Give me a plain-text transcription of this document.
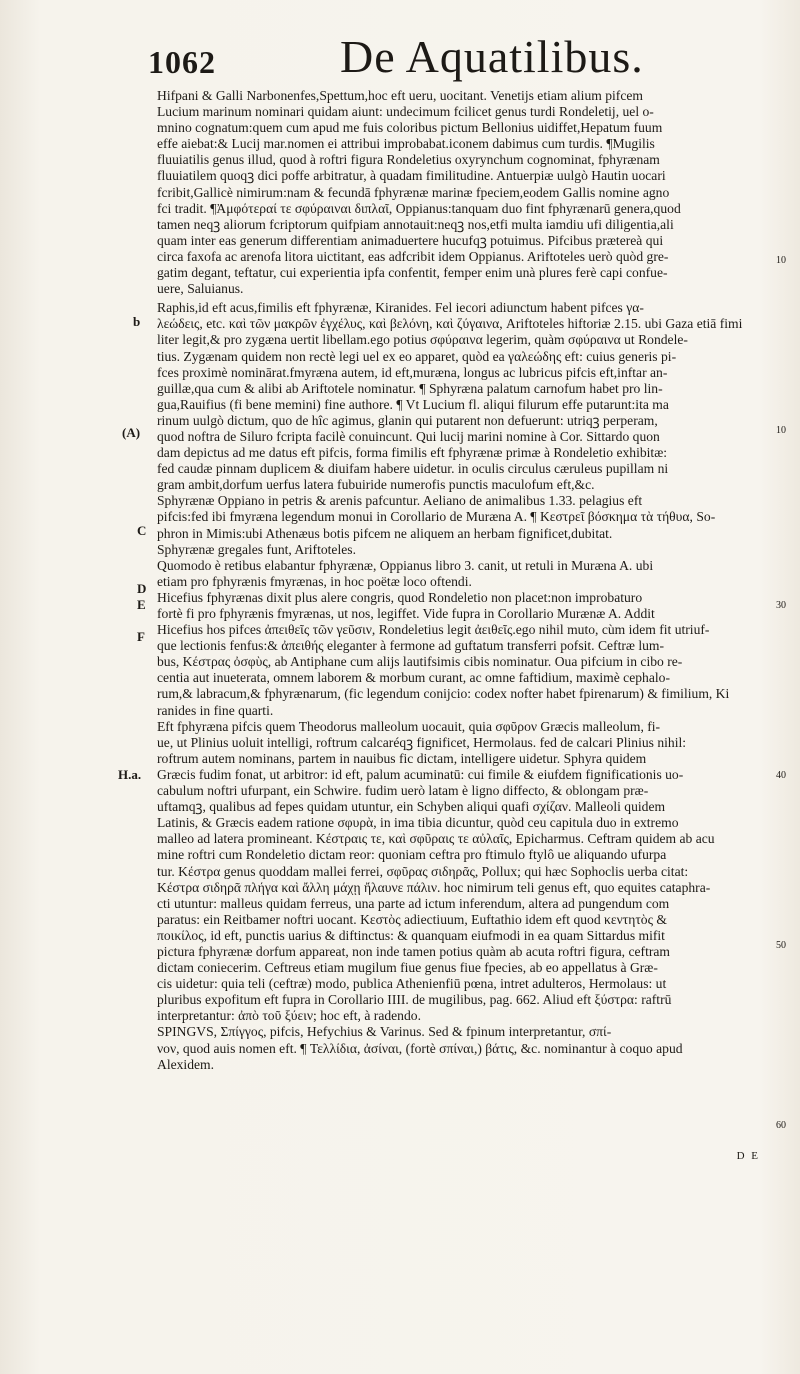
1062	De Aquatilibus.
Hifpani & Galli Narbonenfes,Spettum,hoc eft ueru, uocitant. Venetijs etiam alium pifcem
Lucium marinum nominari quidam aiunt: undecimum fcilicet genus turdi Rondeletij, uel o-
mnino cognatum:quem cum apud me fuis coloribus pictum Bellonius uidiffet,Hepatum fuum
effe aiebat:& Lucij mar.nomen ei attribui improbabat.iconem dabimus cum turdis. ¶Mugilis
fluuiatilis genus illud, quod à roftri figura Rondeletius oxyrynchum cognominat, fphyrænam
fluuiatilem quoqꝫ dici poffe arbitratur, à quadam fimilitudine. Antuerpiæ uulgò Hautin uocari
fcribit,Gallicè nimirum:nam & fecundā fphyrænæ marinæ fpeciem,eodem Gallis nomine agno
fci tradit. ¶Ἀμφότεραί τε σφύραιναι διπλαῖ, Oppianus:tanquam duo fint fphyrænarū genera,quod
tamen neqꝫ aliorum fcriptorum quifpiam annotauit:neqꝫ nos,etfi multa iamdiu ufi diligentia,ali
quam inter eas generum differentiam animaduertere hucufqꝫ potuimus. Pifcibus prætereà qui
circa faxofa ac arenofa litora uictitant, eas adfcribit idem Oppianus. Ariftoteles uerò quòd gre-
gatim degant, teftatur, cui experientia ipfa confentit, femper enim unà plures ferè capi confue-
uere, Saluianus.
Raphis,id eft acus,fimilis eft fphyrænæ, Kiranides. Fel iecori adiunctum habent pifces γα-
λεώδεις, etc. καὶ τῶν μακρῶν ἐγχέλυς, καὶ βελόνη, καὶ ζύγαινα, Ariftoteles hiftoriæ 2.15. ubi Gaza etiā fimi
liter legit,& pro zygæna uertit libellam.ego potius σφύραινα legerim, quàm σφύραινα ut Rondele-
tius. Zygænam quidem non rectè legi uel ex eo apparet, quòd ea γαλεώδης eft: cuius generis pi-
fces proximè nominārat.fmyræna autem, id eft,muræna, longus ac lubricus pifcis eft,inftar an-
guillæ,qua cum & alibi ab Ariftotele nominatur. ¶ Sphyræna palatum carnofum habet pro lin-
gua,Rauifius (fi bene memini) fine authore. ¶ Vt Lucium fl. aliqui filurum effe putarunt:ita ma
rinum uulgò dictum, quo de hîc agimus, glanin qui putarent non defuerunt: utriqꝫ perperam,
quod noftra de Siluro fcripta facilè conuincunt. Qui lucij marini nomine à Cor. Sittardo quon
dam depictus ad me datus eft pifcis, forma fimilis eft fphyrænæ primæ à Rondeletio exhibitæ:
fed caudæ pinnam duplicem & diuifam habere uidetur. in oculis circulus cæruleus pupillam ni
gram ambit,dorfum uerfus latera fubuiride numerofis punctis maculofum eft,&c.
Sphyrænæ Oppiano in petris & arenis pafcuntur. Aeliano de animalibus 1.33. pelagius eft
pifcis:fed ibi fmyræna legendum monui in Corollario de Muræna A. ¶ Κεστρεῖ βόσκημα τὰ τήθυα, So-
phron in Mimis:ubi Athenæus botis pifcem ne aliquem an herbam fignificet,dubitat.
Sphyrænæ gregales funt, Ariftoteles.
Quomodo è retibus elabantur fphyrænæ, Oppianus libro 3. canit, ut retuli in Muræna A. ubi
etiam pro fphyrænis fmyrænas, in hoc poëtæ loco oftendi.
Hicefius fphyrænas dixit plus alere congris, quod Rondeletio non placet:non improbaturo
fortè fi pro fphyrænis fmyrænas, ut nos, legiffet. Vide fupra in Corollario Murænæ A. Addit
Hicefius hos pifces ἀπειθεῖς τῶν γεῦσιν, Rondeletius legit ἀειθεῖς.ego nihil muto, cùm idem fit utriuf-
que lectionis fenfus:& ἀπειθής eleganter à fermone ad guftatum transferri pofsit. Ceftræ lum-
bus, Κέστρας ὀσφὺς, ab Antiphane cum alijs lautifsimis cibis nominatur. Oua pifcium in cibo re-
centia aut inueterata, omnem laborem & morbum curant, ac omne faftidium, maximè cephalo-
rum,& labracum,& fphyrænarum, (fic legendum conijcio: codex nofter habet fpirenarum) & fimilium, Ki
ranides in fine quarti.
Eft fphyræna pifcis quem Theodorus malleolum uocauit, quia σφῦρον Græcis malleolum, fi-
ue, ut Plinius uoluit intelligi, roftrum calcaréqꝫ fignificet, Hermolaus. fed de calcari Plinius nihil:
roftrum autem nominans, partem in nauibus fic dictam, intelligere uidetur. Sphyra quidem
Græcis fudim fonat, ut arbitror: id eft, palum acuminatū: cui fimile & eiufdem fignificationis uo-
cabulum noftri ufurpant, ein Schwire. fudim uerò latam è ligno diffecto, & oblongam præ-
uftamqꝫ, qualibus ad fepes quidam utuntur, ein Schyben aliqui quafi σχίζαν. Malleoli quidem
Latinis, & Græcis eadem ratione σφυρὰ, in ima tibia dicuntur, quòd ceu capitula duo in extremo
malleo ad latera promineant. Κέστραις τε, καὶ σφῦραις τε αὐλαῖς, Epicharmus. Ceftram quidem ab acu
mine roftri cum Rondeletio dictam reor: quoniam ceftra pro ftimulo ftylô ue aliquando ufurpa
tur. Κέστρα genus quoddam mallei ferrei, σφῦρας σιδηρᾶς, Pollux; qui hæc Sophoclis uerba citat:
Κέστρα σιδηρᾶ πλήγα καὶ ἄλλη μάχῃ ἤλαυνε πάλιν. hoc nimirum teli genus eft, quo equites cataphra-
cti utuntur: malleus quidam ferreus, una parte ad ictum inferendum, altera ad pungendum com
paratus: ein Reitbamer noftri uocant. Κεστὸς adiectiuum, Euftathio idem eft quod κεντητὸς &
ποικίλος, id eft, punctis uarius & diftinctus: & quanquam eiufmodi in ea quam Sittardus mifit
pictura fphyrænæ dorfum appareat, non inde tamen potius quàm ab acuta roftri figura, ceftram
dictam coniecerim. Ceftreus etiam mugilum fiue genus fiue fpecies, ab eo appellatus à Græ-
cis uidetur: quia teli (ceftræ) modo, publica Athenienfiū pœna, intret adulteros, Hermolaus: ut
pluribus expofitum eft fupra in Corollario IIII. de mugilibus, pag. 662. Aliud eft ξύστρα: raftrū
interpretantur: ἀπὸ τοῦ ξύειν; hoc eft, à radendo.
SPINGVS, Σπίγγος, pifcis, Hefychius & Varinus. Sed & fpinum interpretantur, σπί-
νον, quod auis nomen eft. ¶ Τελλίδια, ἀσίναι, (fortè σπίναι,) βάτις, &c. nominantur à coquo apud
Alexidem.
b
(A)
C
D
E
F
H.a.
10
10
30
40
50
60
D E
